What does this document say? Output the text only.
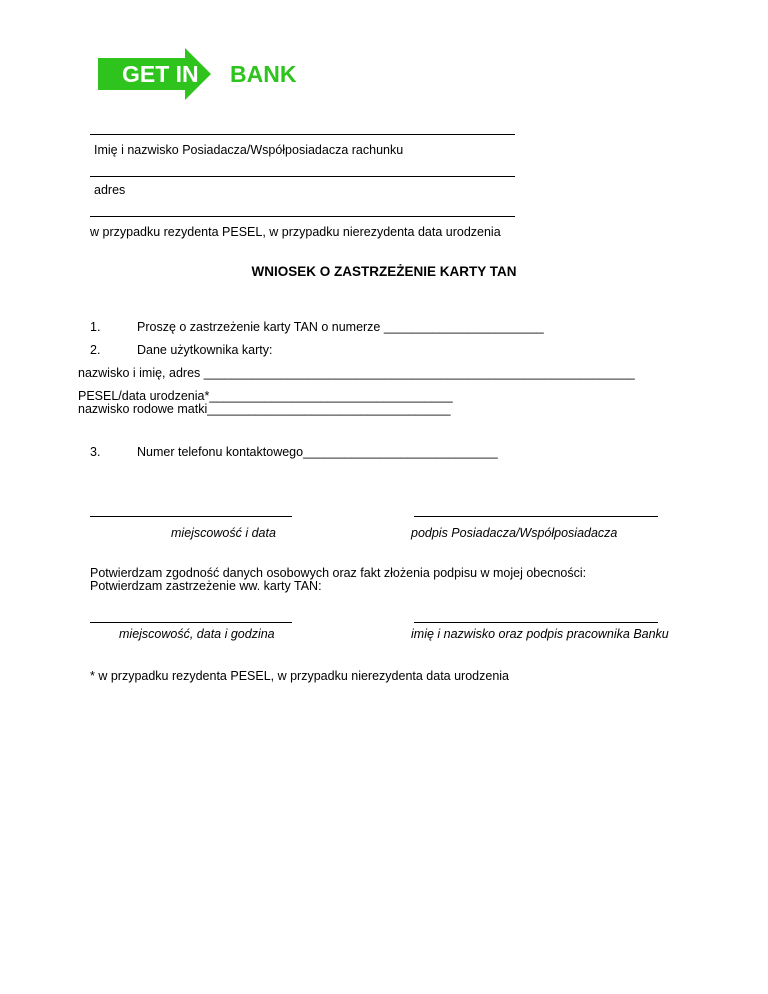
GET IN BANK
Imię i nazwisko Posiadacza/Współposiadacza rachunku
adres
w przypadku rezydenta PESEL, w przypadku nierezydenta data urodzenia
WNIOSEK O ZASTRZEŻENIE KARTY TAN
1.	Proszę o zastrzeżenie karty TAN o numerze _______________________
2.	Dane użytkownika karty:
nazwisko i imię, adres ______________________________________________________________
PESEL/data urodzenia*___________________________________
nazwisko rodowe matki___________________________________
3.	Numer telefonu kontaktowego____________________________
miejscowość i data	podpis Posiadacza/Współposiadacza
Potwierdzam zgodność danych osobowych oraz fakt złożenia podpisu w mojej obecności:
Potwierdzam zastrzeżenie ww. karty TAN:
miejscowość, data i godzina	imię i nazwisko oraz podpis pracownika Banku
* w przypadku rezydenta PESEL, w przypadku nierezydenta data urodzenia
